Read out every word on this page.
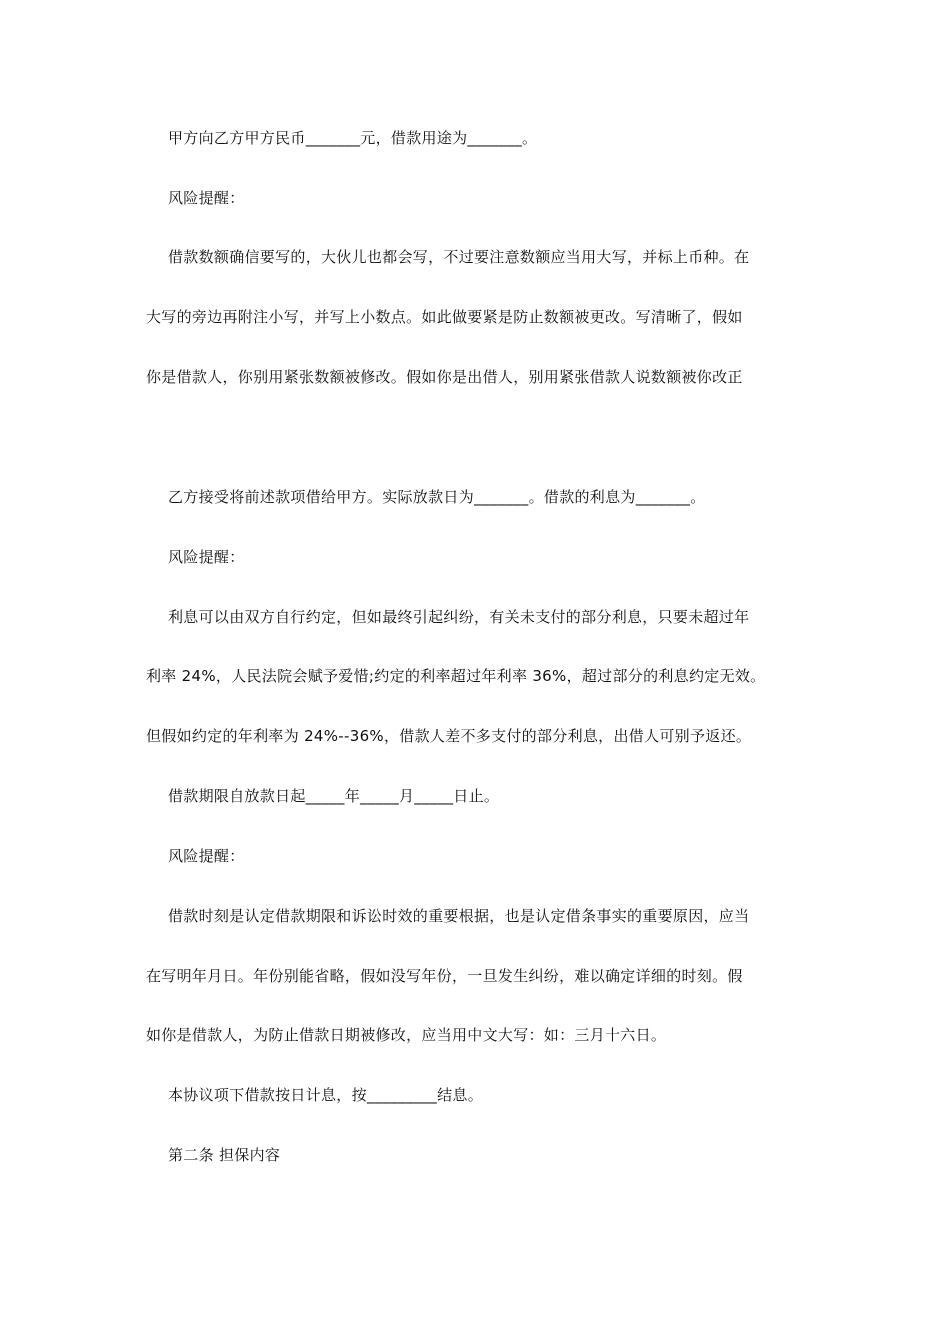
甲方向乙方甲方民币_______元，借款用途为_______。
风险提醒：
借款数额确信要写的，大伙儿也都会写，不过要注意数额应当用大写，并标上币种。在
大写的旁边再附注小写，并写上小数点。如此做要紧是防止数额被更改。写清晰了，假如
你是借款人，你别用紧张数额被修改。假如你是出借人，别用紧张借款人说数额被你改正
乙方接受将前述款项借给甲方。实际放款日为_______。借款的利息为_______。
风险提醒：
利息可以由双方自行约定，但如最终引起纠纷，有关未支付的部分利息，只要未超过年
利率 24%，人民法院会赋予爱惜;约定的利率超过年利率 36%，超过部分的利息约定无效。
但假如约定的年利率为 24%--36%，借款人差不多支付的部分利息，出借人可别予返还。
借款期限自放款日起_____年_____月_____日止。
风险提醒：
借款时刻是认定借款期限和诉讼时效的重要根据，也是认定借条事实的重要原因，应当
在写明年月日。年份别能省略，假如没写年份，一旦发生纠纷，难以确定详细的时刻。假
如你是借款人，为防止借款日期被修改，应当用中文大写：如：三月十六日。
本协议项下借款按日计息，按_________结息。
第二条 担保内容
